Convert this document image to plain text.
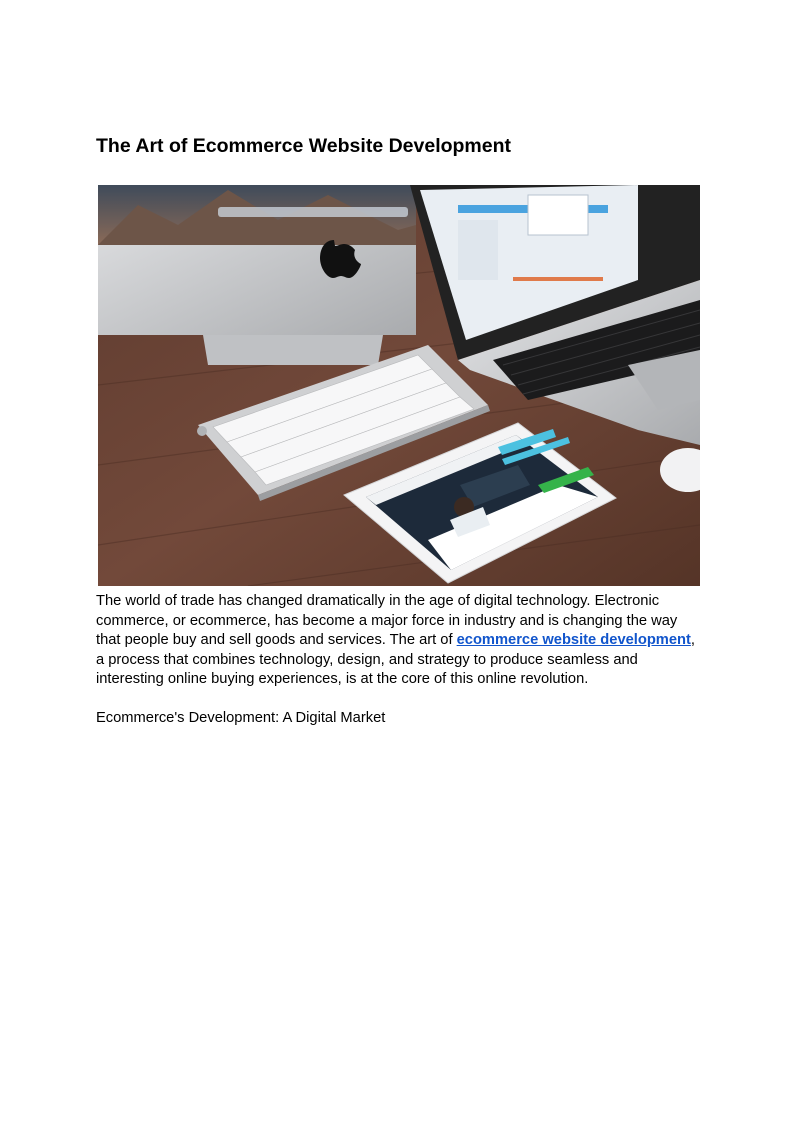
The Art of Ecommerce Website Development

The world of trade has changed dramatically in the age of digital technology. Electronic commerce, or ecommerce, has become a major force in industry and is changing the way that people buy and sell goods and services. The art of ecommerce website development, a process that combines technology, design, and strategy to produce seamless and interesting online buying experiences, is at the core of this online revolution.

Ecommerce's Development: A Digital Market
